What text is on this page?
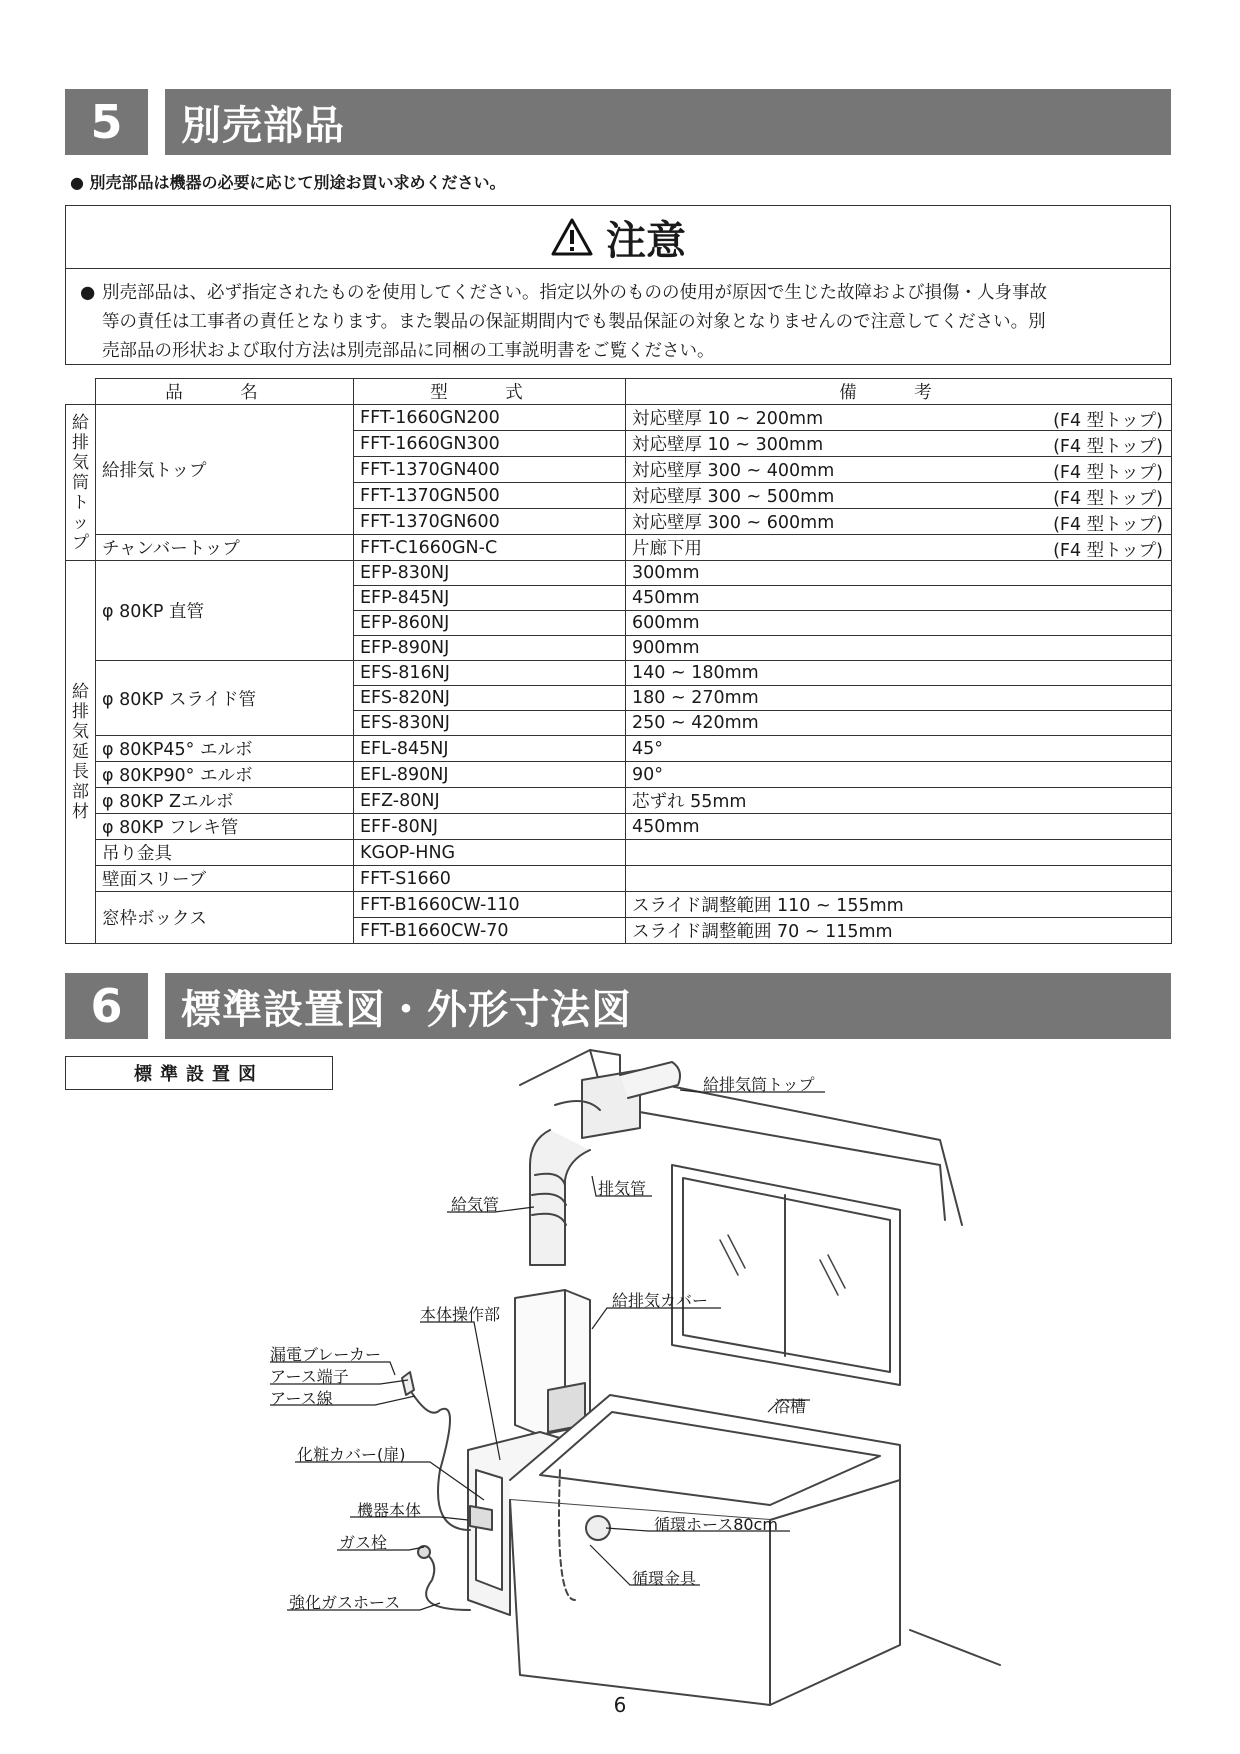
5	別売部品
● 別売部品は機器の必要に応じて別途お買い求めください。
注意
● 別売部品は、必ず指定されたものを使用してください。指定以外のものの使用が原因で生じた故障および損傷・人身事故
等の責任は工事者の責任となります。また製品の保証期間内でも製品保証の対象となりませんので注意してください。別
売部品の形状および取付方法は別売部品に同梱の工事説明書をご覧ください。
	品 名	型 式	備 考
給排気筒トップ	給排気トップ	FFT-1660GN200	対応壁厚 10 ~ 200mm (F4 型トップ)

		FFT-1660GN300	対応壁厚 10 ~ 300mm (F4 型トップ)

		FFT-1370GN400	対応壁厚 300 ~ 400mm (F4 型トップ)

		FFT-1370GN500	対応壁厚 300 ~ 500mm (F4 型トップ)

		FFT-1370GN600	対応壁厚 300 ~ 600mm (F4 型トップ)

	チャンバートップ	FFT-C1660GN-C	片廊下用 (F4 型トップ)

給排気延長部材	φ 80KP 直管	EFP-830NJ	300mm
		EFP-845NJ	450mm
		EFP-860NJ	600mm
		EFP-890NJ	900mm
	φ 80KP スライド管	EFS-816NJ	140 ~ 180mm
		EFS-820NJ	180 ~ 270mm
		EFS-830NJ	250 ~ 420mm
	φ 80KP45° エルボ	EFL-845NJ	45°
	φ 80KP90° エルボ	EFL-890NJ	90°
	φ 80KP Zエルボ	EFZ-80NJ	芯ずれ 55mm
	φ 80KP フレキ管	EFF-80NJ	450mm
	吊り金具	KGOP-HNG	
	壁面スリーブ	FFT-S1660	
	窓枠ボックス	FFT-B1660CW-110	スライド調整範囲 110 ~ 155mm
		FFT-B1660CW-70	スライド調整範囲 70 ~ 115mm
6	標準設置図・外形寸法図
標準設置図	給排気筒トップ
排気管
給気管
給排気カバー
本体操作部
漏電ブレーカー
アース端子
アース線	浴槽
化粧カバー(扉)
機器本体
ガス栓
循環ホース80cm
循環金具
強化ガスホース
6
